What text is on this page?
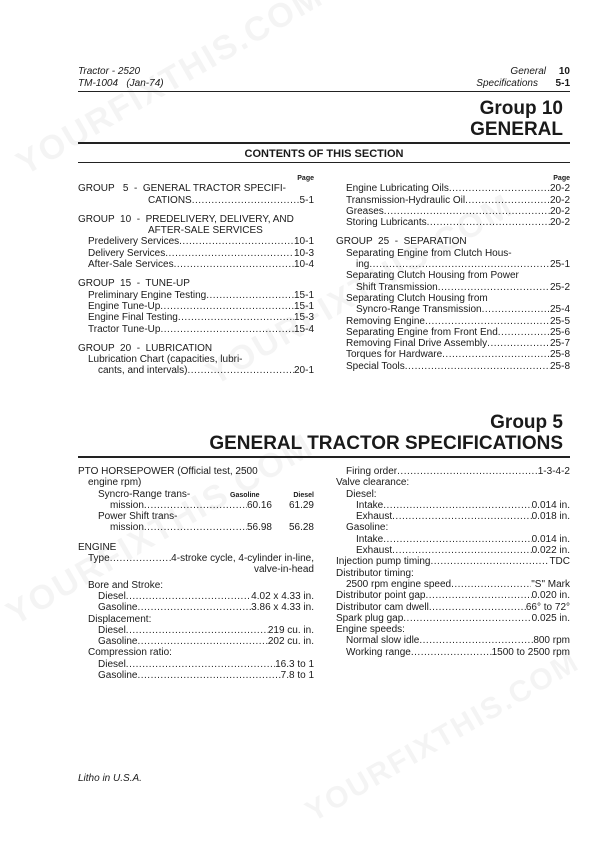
Tractor - 2520
TM-1004   (Jan-74)
General 10
Specifications	5-1
Group 10
GENERAL
CONTENTS OF THIS SECTION
Page
GROUP   5  -  GENERAL TRACTOR SPECIFI-
CATIONS .....	5-1
GROUP  10  -  PREDELIVERY, DELIVERY, AND
AFTER-SALE SERVICES
Predelivery Services .....	10-1
Delivery Services .....	10-3
After-Sale Services .....	10-4
GROUP  15  -  TUNE-UP
Preliminary Engine Testing .....	15-1
Engine Tune-Up .....	15-1
Engine Final Testing .....	15-3
Tractor Tune-Up .....	15-4
GROUP  20  -  LUBRICATION
Lubrication Chart (capacities, lubri-
cants, and intervals) .....	20-1
Page
Engine Lubricating Oils .....	20-2
Transmission-Hydraulic Oil .....	20-2
Greases .....	20-2
Storing Lubricants .....	20-2
GROUP  25  -  SEPARATION
Separating Engine from Clutch Hous-
ing .....	25-1
Separating Clutch Housing from Power
Shift Transmission .....	25-2
Separating Clutch Housing from
Syncro-Range Transmission .....	25-4
Removing Engine .....	25-5
Separating Engine from Front End .....	25-6
Removing Final Drive Assembly .....	25-7
Torques for Hardware .....	25-8
Special Tools .....	25-8
Group 5
GENERAL TRACTOR SPECIFICATIONS
PTO HORSEPOWER (Official test, 2500
engine rpm)
Syncro-Range trans-	Gasoline	Diesel
mission .....	60.16	61.29
Power Shift trans-
mission .....	56.98	56.28
ENGINE
Type .....	4-stroke cycle, 4-cylinder in-line,
valve-in-head
Bore and Stroke:
Diesel .....	4.02 x 4.33 in.
Gasoline .....	3.86 x 4.33 in.
Displacement:
Diesel .....	219 cu. in.
Gasoline .....	202 cu. in.
Compression ratio:
Diesel .....	16.3 to 1
Gasoline .....	7.8 to 1
Firing order .....	1-3-4-2
Valve clearance:
Diesel:
Intake .....	0.014 in.
Exhaust .....	0.018 in.
Gasoline:
Intake .....	0.014 in.
Exhaust .....	0.022 in.
Injection pump timing .....	TDC
Distributor timing:
2500 rpm engine speed .....	"S" Mark
Distributor point gap .....	0.020 in.
Distributor cam dwell .....	66° to 72°
Spark plug gap .....	0.025 in.
Engine speeds:
Normal slow idle .....	800 rpm
Working range .....	1500 to 2500 rpm
Litho in U.S.A.
